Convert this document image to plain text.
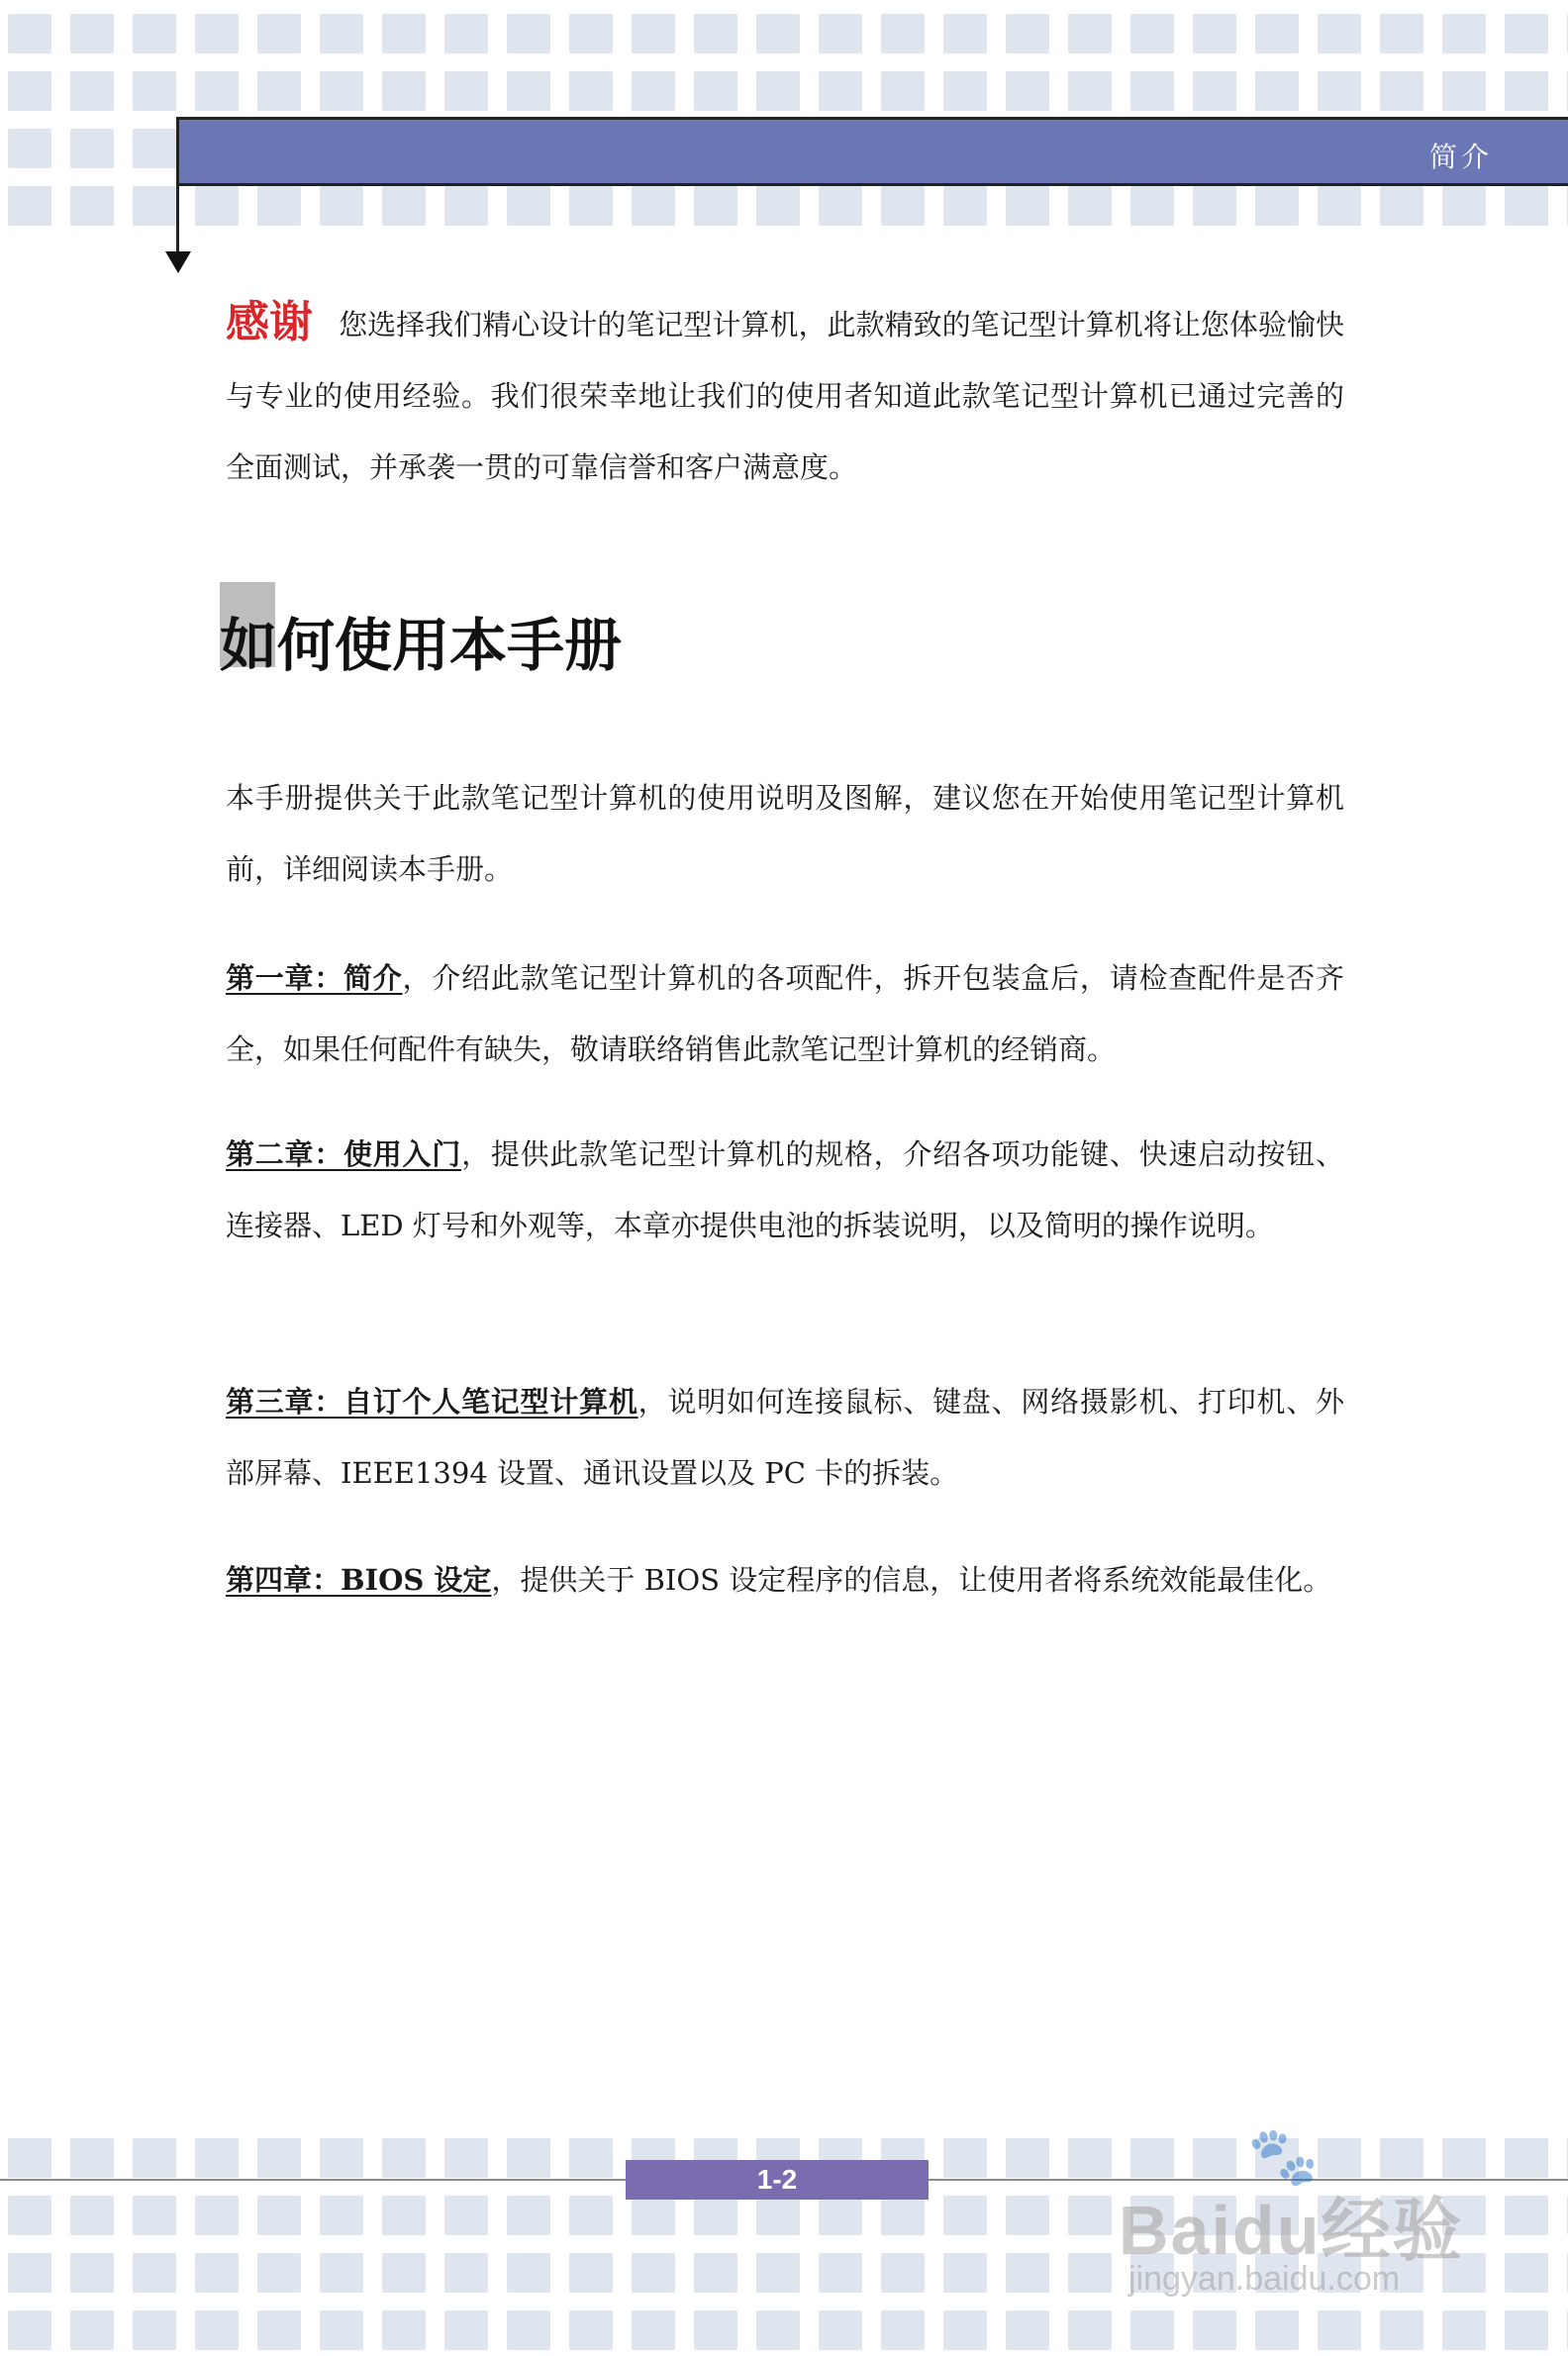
简介

感谢 您选择我们精心设计的笔记型计算机，此款精致的笔记型计算机将让您体验愉快与专业的使用经验。我们很荣幸地让我们的使用者知道此款笔记型计算机已通过完善的全面测试，并承袭一贯的可靠信誉和客户满意度。

如何使用本手册

本手册提供关于此款笔记型计算机的使用说明及图解，建议您在开始使用笔记型计算机前，详细阅读本手册。

第一章：简介，介绍此款笔记型计算机的各项配件，拆开包装盒后，请检查配件是否齐全，如果任何配件有缺失，敬请联络销售此款笔记型计算机的经销商。

第二章：使用入门，提供此款笔记型计算机的规格，介绍各项功能键、快速启动按钮、连接器、LED 灯号和外观等，本章亦提供电池的拆装说明，以及简明的操作说明。

第三章：自订个人笔记型计算机，说明如何连接鼠标、键盘、网络摄影机、打印机、外部屏幕、IEEE1394 设置、通讯设置以及 PC 卡的拆装。

第四章：BIOS 设定，提供关于 BIOS 设定程序的信息，让使用者将系统效能最佳化。

1-2	🐾
Baidu经验
jingyan.baidu.com
